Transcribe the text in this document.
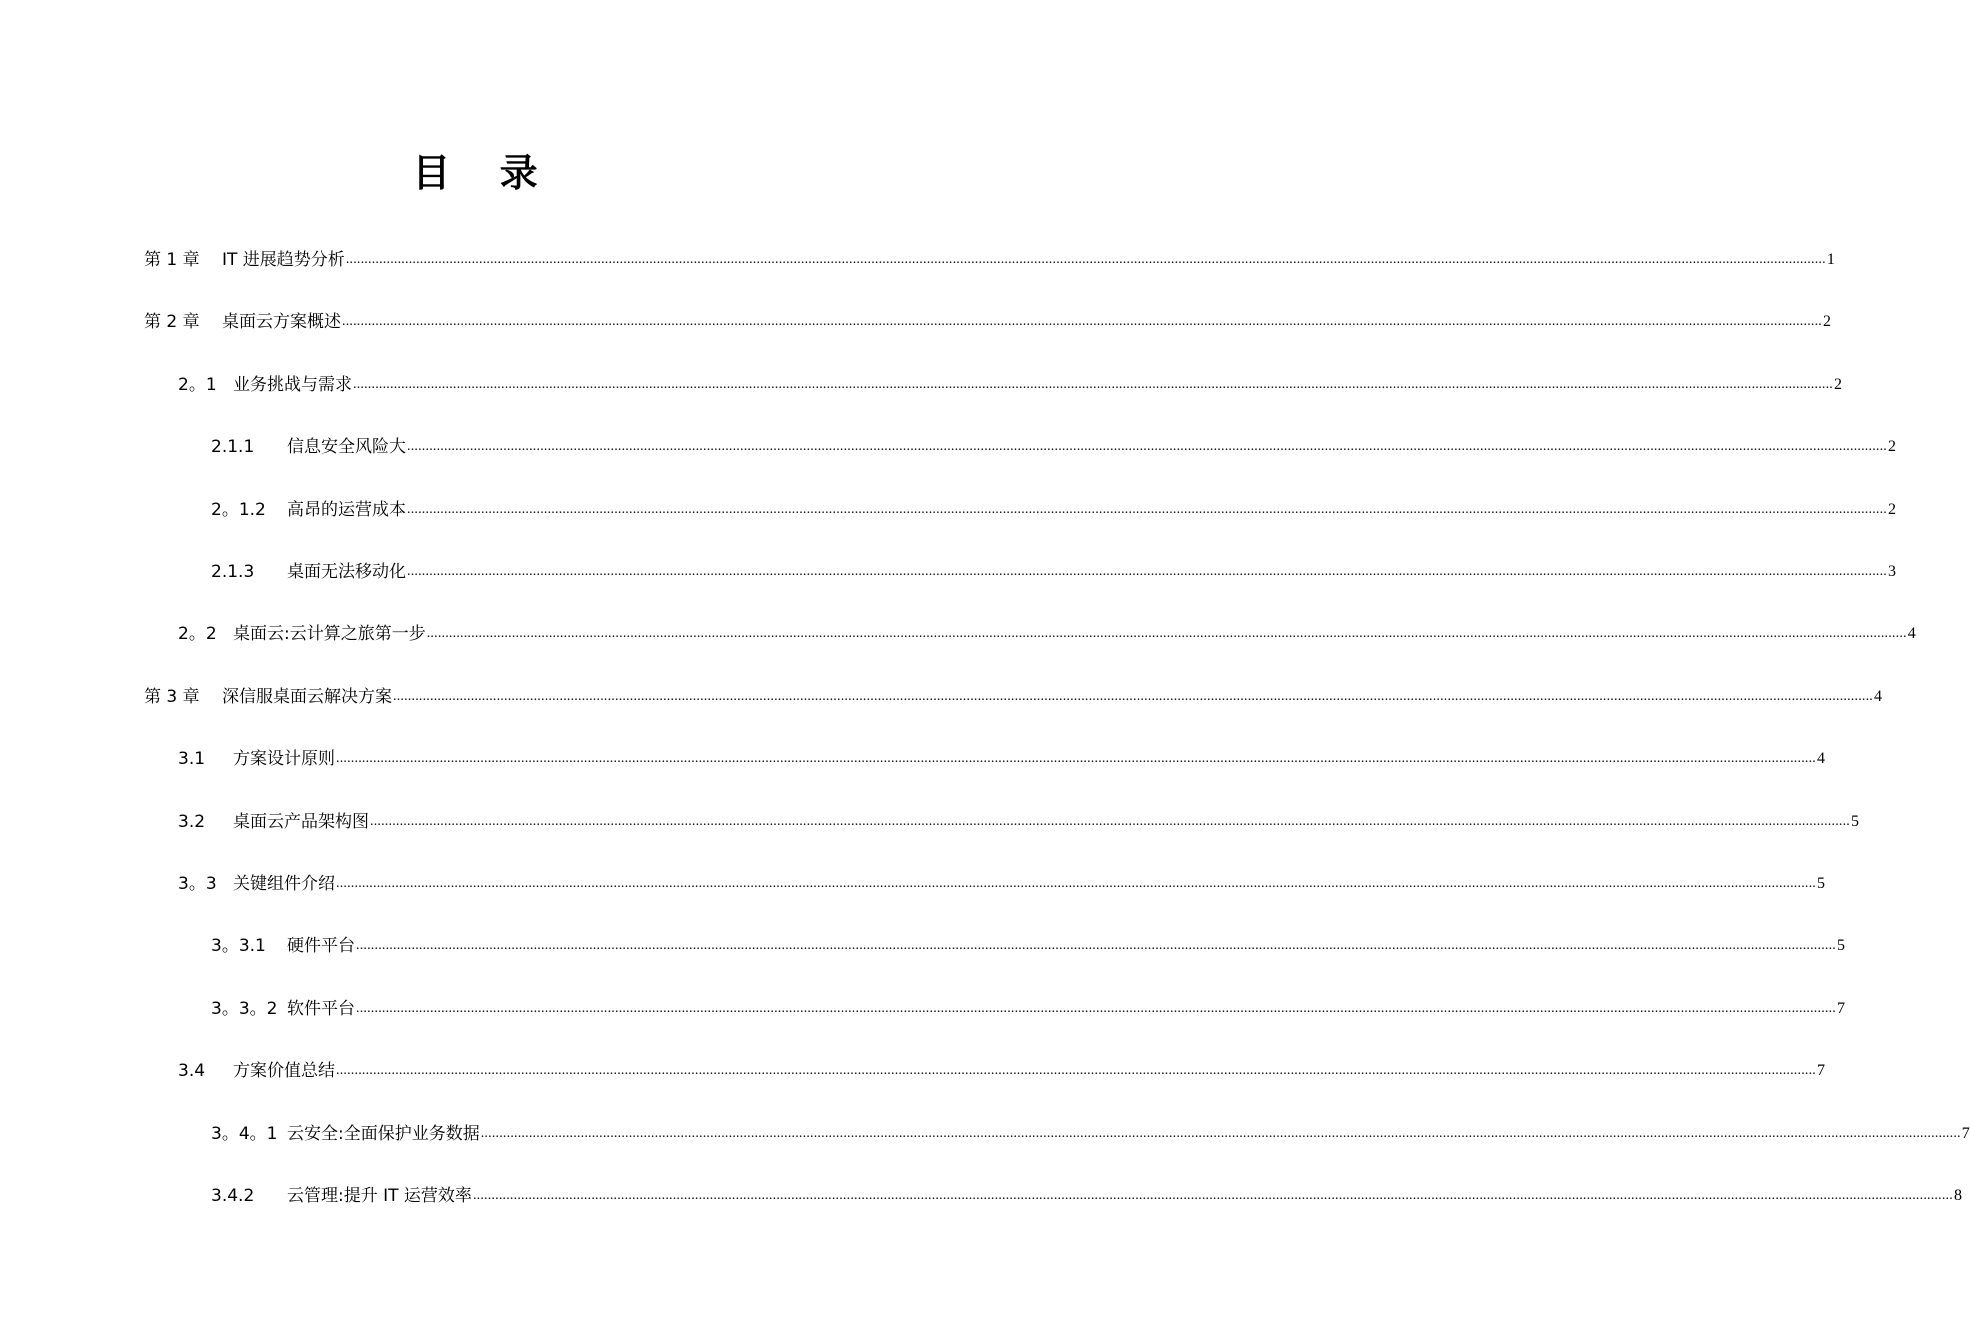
目 录
第 1 章	IT 进展趋势分析 ................................................................................................................................................................................................................................................................................................................................................................................................................ 1
第 2 章	桌面云方案概述 ................................................................................................................................................................................................................................................................................................................................................................................................................ 2
2。1 业务挑战与需求 ................................................................................................................................................................................................................................................................................................................................................................................................................ 2
2.1.1	信息安全风险大 ................................................................................................................................................................................................................................................................................................................................................................................................................ 2
2。1.2	高昂的运营成本 ................................................................................................................................................................................................................................................................................................................................................................................................................ 2
2.1.3	桌面无法移动化 ................................................................................................................................................................................................................................................................................................................................................................................................................ 3
2。2 桌面云:云计算之旅第一步 ................................................................................................................................................................................................................................................................................................................................................................................................................ 4
第 3 章	深信服桌面云解决方案 ................................................................................................................................................................................................................................................................................................................................................................................................................ 4
3.1	方案设计原则 ................................................................................................................................................................................................................................................................................................................................................................................................................ 4
3.2	桌面云产品架构图 ................................................................................................................................................................................................................................................................................................................................................................................................................ 5
3。3 关键组件介绍 ................................................................................................................................................................................................................................................................................................................................................................................................................ 5
3。3.1	硬件平台 ................................................................................................................................................................................................................................................................................................................................................................................................................ 5
3。3。2 软件平台 ................................................................................................................................................................................................................................................................................................................................................................................................................ 7
3.4	方案价值总结 ................................................................................................................................................................................................................................................................................................................................................................................................................ 7
3。4。1 云安全:全面保护业务数据 ................................................................................................................................................................................................................................................................................................................................................................................................................ 7
3.4.2	云管理:提升 IT 运营效率 ................................................................................................................................................................................................................................................................................................................................................................................................................ 8
